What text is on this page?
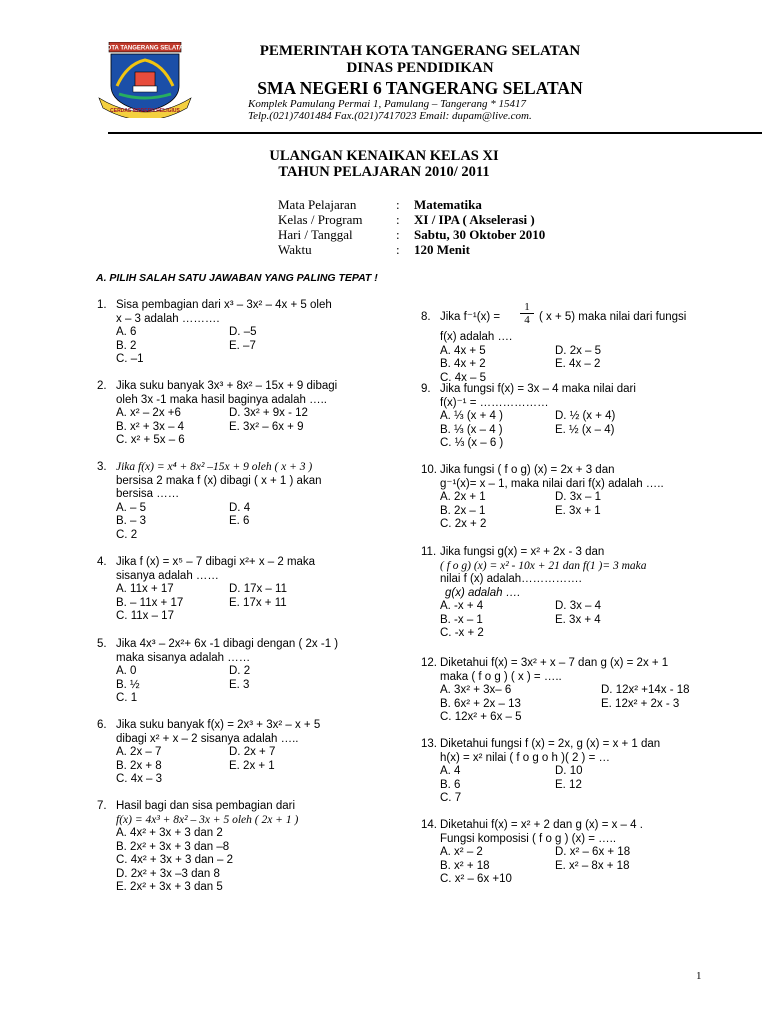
KOTA TANGERANG SELATAN
CERDAS MODERN RELIGIUS
PEMERINTAH KOTA TANGERANG SELATAN
DINAS PENDIDIKAN
SMA NEGERI 6 TANGERANG SELATAN
Komplek Pamulang Permai 1, Pamulang – Tangerang * 15417
Telp.(021)7401484 Fax.(021)7417023 Email: dupam@live.com.
ULANGAN KENAIKAN KELAS XI
TAHUN PELAJARAN 2010/ 2011
Mata Pelajaran	: Matematika
Kelas / Program	: XI / IPA ( Akselerasi )
Hari / Tanggal	: Sabtu, 30 Oktober 2010
Waktu	: 120 Menit
A. PILIH SALAH SATU JAWABAN YANG PALING TEPAT !
1. Sisa pembagian dari x³ – 3x² – 4x + 5 oleh
x – 3 adalah ……….
A. 6	D. –5
B. 2	E. –7
C. –1
2. Jika suku banyak 3x³ + 8x² – 15x + 9 dibagi
oleh 3x -1 maka hasil baginya adalah …..
A. x² – 2x +6	D. 3x² + 9x - 12
B. x² + 3x – 4	E. 3x² – 6x + 9
C. x² + 5x – 6
3. Jika f(x) = x⁴ + 8x² –15x + 9 oleh ( x + 3 )
bersisa 2 maka f (x) dibagi ( x + 1 ) akan
bersisa ……
A. – 5	D. 4
B. – 3	E. 6
C. 2
4. Jika f (x) = x⁵ – 7 dibagi x²+ x – 2 maka
sisanya adalah ……
A. 11x + 17	D. 17x – 11
B. – 11x + 17	E. 17x + 11
C. 11x – 17
5. Jika 4x³ – 2x²+ 6x -1 dibagi dengan ( 2x -1 )
maka sisanya adalah ……
A. 0	D. 2
B. ½	E. 3
C. 1
6. Jika suku banyak f(x) = 2x³ + 3x² – x + 5
dibagi x² + x – 2 sisanya adalah …..
A. 2x – 7	D. 2x + 7
B. 2x + 8	E. 2x + 1
C. 4x – 3
7. Hasil bagi dan sisa pembagian dari
f(x) = 4x³ + 8x² – 3x + 5 oleh ( 2x + 1 )
A. 4x² + 3x + 3 dan 2
B. 2x² + 3x + 3 dan –8
C. 4x² + 3x + 3 dan – 2
D. 2x² + 3x –3 dan 8
E. 2x² + 3x + 3 dan 5
8. Jika f⁻¹(x) =
1
4 ( x + 5) maka nilai dari fungsi
f(x) adalah ….
A. 4x + 5	D. 2x – 5
B. 4x + 2	E. 4x – 2
C. 4x – 5
9. Jika fungsi f(x) = 3x – 4 maka nilai dari
f(x)⁻¹ = ………………
A. ⅓ (x + 4 )	D. ½ (x + 4)
B. ⅓ (x – 4 )	E. ½ (x – 4)
C. ⅓ (x – 6 )
10. Jika fungsi ( f o g) (x) = 2x + 3 dan
g⁻¹(x)= x – 1, maka nilai dari f(x) adalah …..
A. 2x + 1	D. 3x – 1
B. 2x – 1	E. 3x + 1
C. 2x + 2
11. Jika fungsi g(x) = x² + 2x - 3 dan
( f o g) (x) = x² - 10x + 21 dan f(1 )= 3 maka
nilai f (x) adalah…………….
g(x) adalah ….
A. -x + 4	D. 3x – 4
B. -x – 1	E. 3x + 4
C. -x + 2
12. Diketahui f(x) = 3x² + x – 7 dan g (x) = 2x + 1
maka ( f o g ) ( x ) = …..
A. 3x² + 3x– 6	D. 12x² +14x - 18
B. 6x² + 2x – 13	E. 12x² + 2x - 3
C. 12x² + 6x – 5
13. Diketahui fungsi f (x) = 2x, g (x) = x + 1 dan
h(x) = x² nilai ( f o g o h )( 2 ) = …
A. 4	D. 10
B. 6	E. 12
C. 7
14. Diketahui f(x) = x² + 2 dan g (x) = x – 4 .
Fungsi komposisi ( f o g ) (x) = …..
A. x² – 2	D. x² – 6x + 18
B. x² + 18	E. x² – 8x + 18
C. x² – 6x +10
1
